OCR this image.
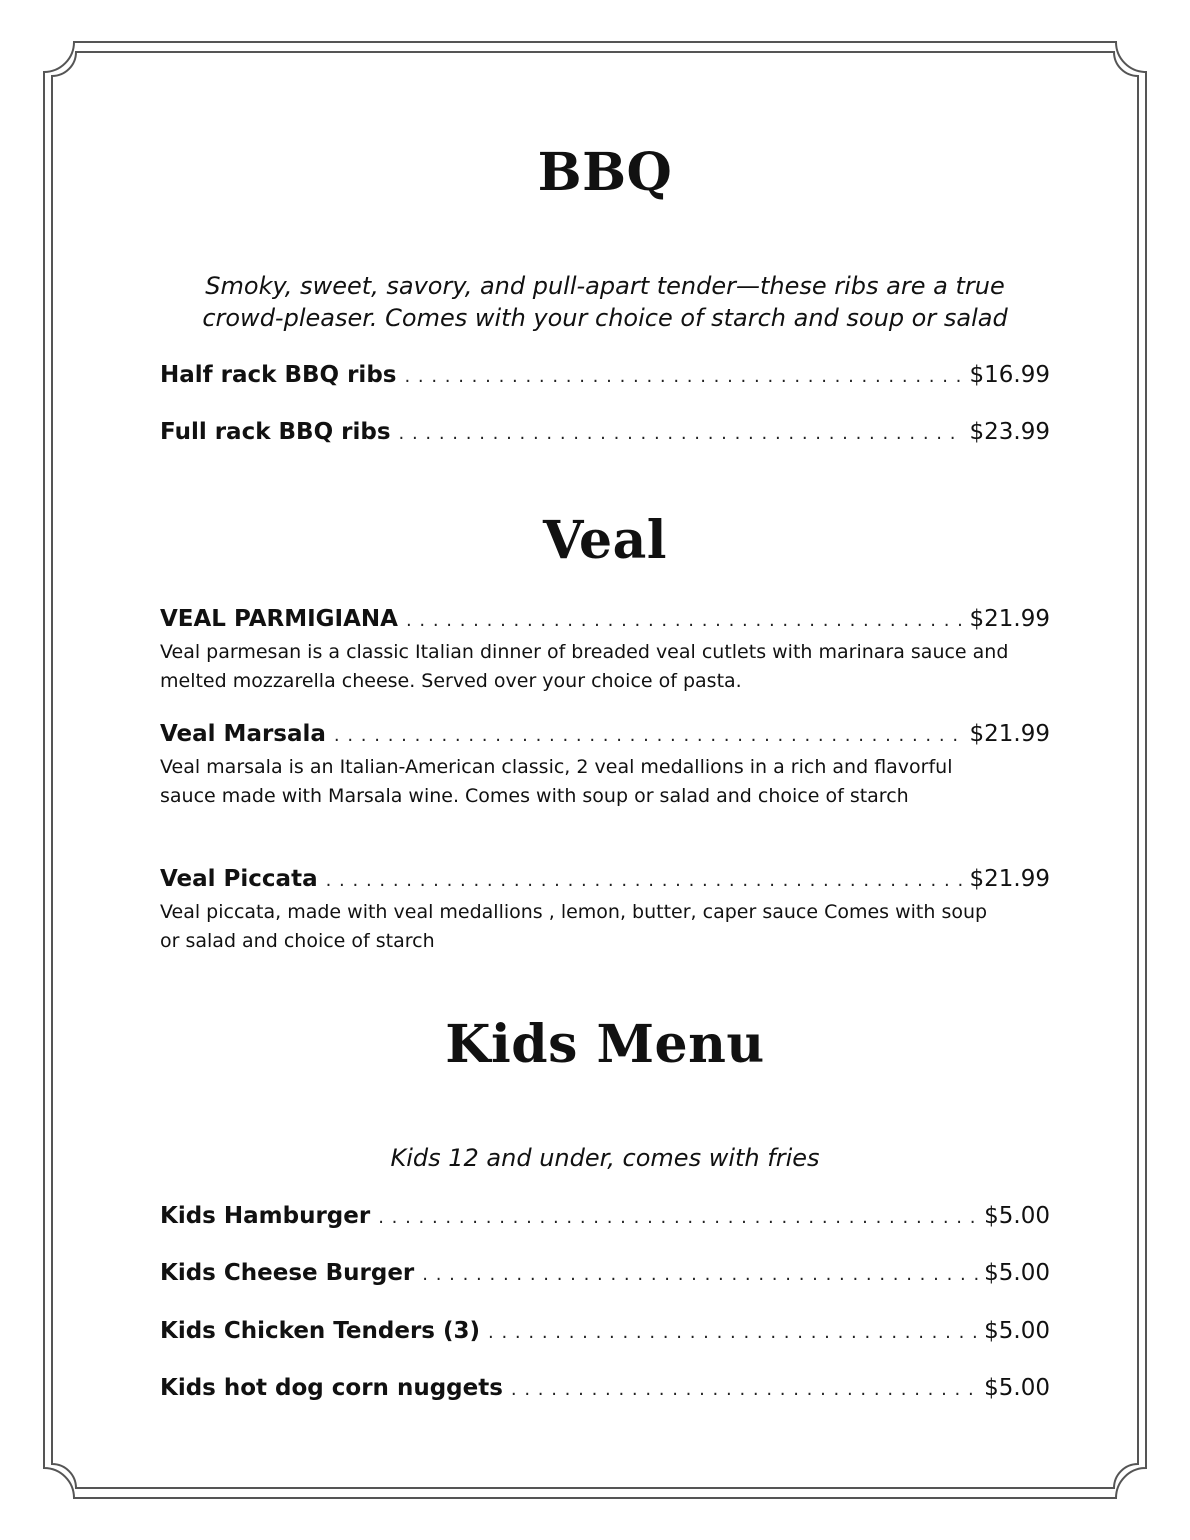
BBQ
Smoky, sweet, savory, and pull-apart tender—these ribs are a true
crowd-pleaser. Comes with your choice of starch and soup or salad
Half rack BBQ ribs . . .	$16.99
Full rack BBQ ribs . . .	$23.99
Veal
VEAL PARMIGIANA . . .	$21.99
Veal parmesan is a classic Italian dinner of breaded veal cutlets with marinara sauce and melted mozzarella cheese. Served over your choice of pasta.
Veal Marsala . . .	$21.99
Veal marsala is an Italian-American classic, 2 veal medallions in a rich and flavorful sauce made with Marsala wine. Comes with soup or salad and choice of starch
Veal Piccata . . .	$21.99
Veal piccata, made with veal medallions , lemon, butter, caper sauce Comes with soup or salad and choice of starch
Kids Menu
Kids 12 and under, comes with fries
Kids Hamburger . . .	$5.00
Kids Cheese Burger . . .	$5.00
Kids Chicken Tenders (3) . . .	$5.00
Kids hot dog corn nuggets . . .	$5.00
